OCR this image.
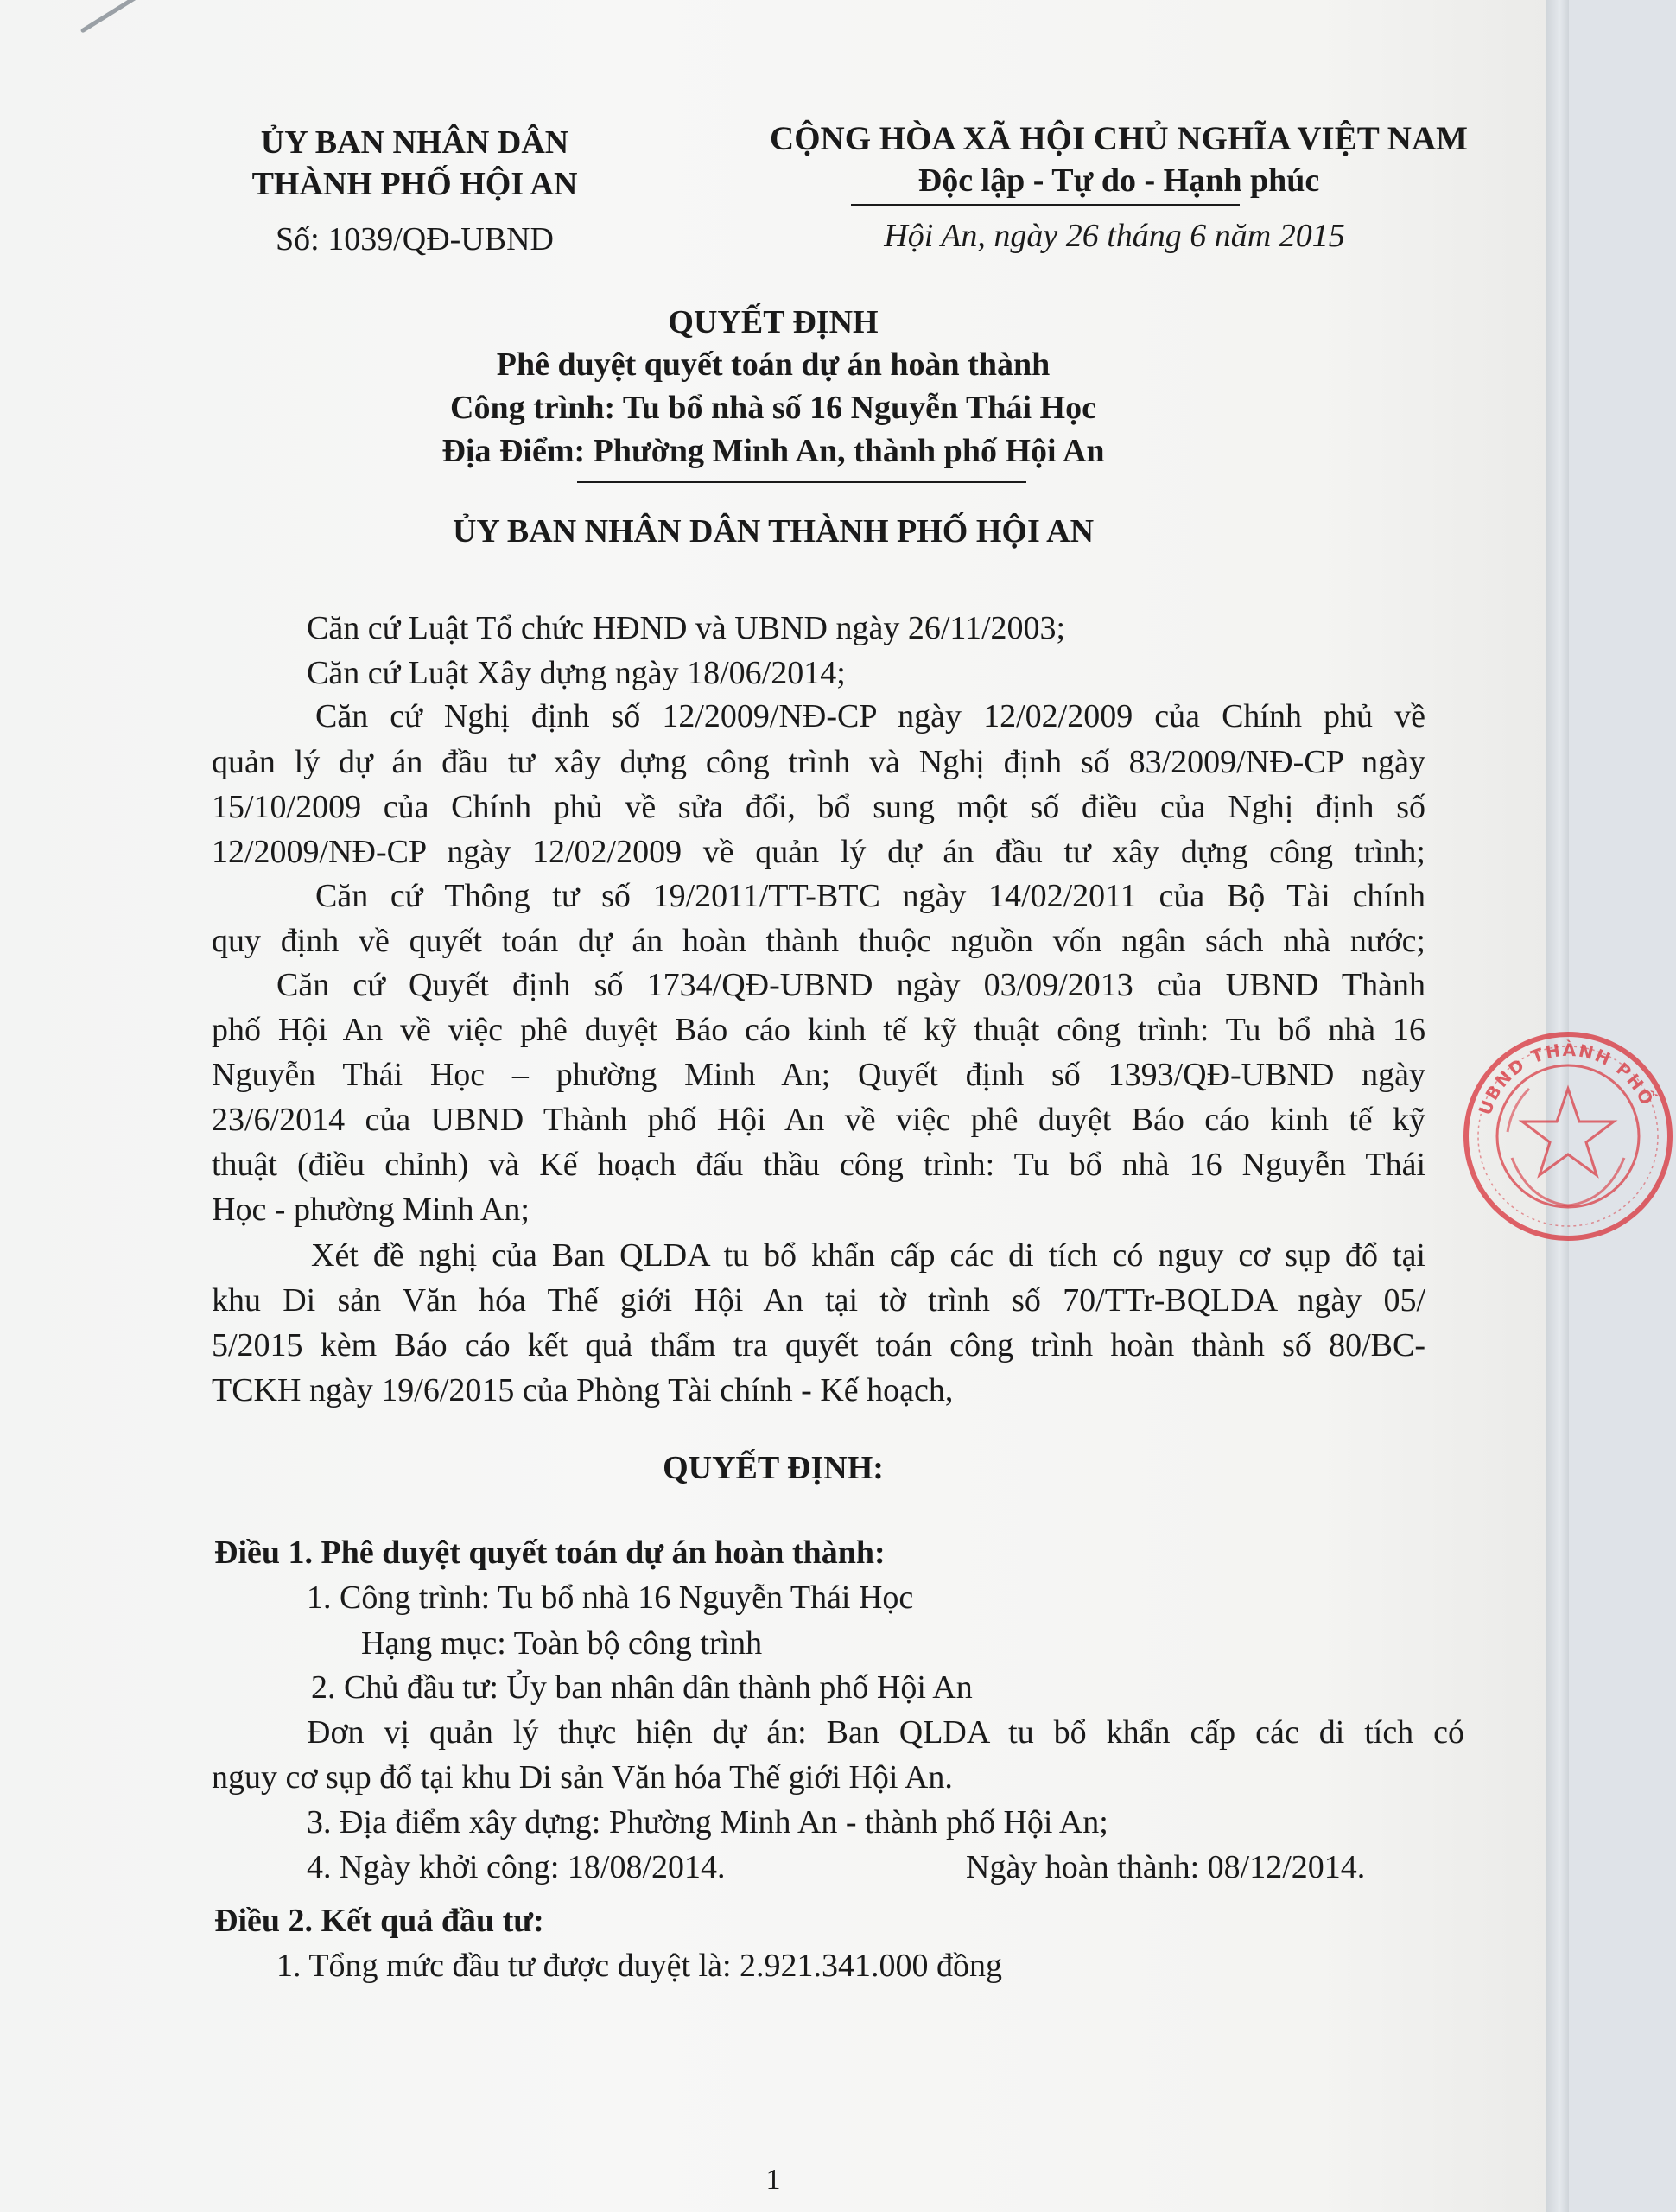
ỦY BAN NHÂN DÂN
THÀNH PHỐ HỘI AN
Số: 1039/QĐ-UBND
CỘNG HÒA XÃ HỘI CHỦ NGHĨA VIỆT NAM
Độc lập - Tự do - Hạnh phúc
Hội An, ngày 26 tháng 6 năm 2015
QUYẾT ĐỊNH
Phê duyệt quyết toán dự án hoàn thành
Công trình: Tu bổ nhà số 16 Nguyễn Thái Học
Địa Điểm: Phường Minh An, thành phố Hội An
ỦY BAN NHÂN DÂN THÀNH PHỐ HỘI AN
Căn cứ Luật Tổ chức HĐND và UBND ngày 26/11/2003;
Căn cứ Luật Xây dựng ngày 18/06/2014;
Căn cứ Nghị định số 12/2009/NĐ-CP ngày 12/02/2009 của Chính phủ về
quản lý dự án đầu tư xây dựng công trình và Nghị định số 83/2009/NĐ-CP ngày
15/10/2009 của Chính phủ về sửa đổi, bổ sung một số điều của Nghị định số
12/2009/NĐ-CP ngày 12/02/2009 về quản lý dự án đầu tư xây dựng công trình;
Căn cứ Thông tư số 19/2011/TT-BTC ngày 14/02/2011 của Bộ Tài chính
quy định về quyết toán dự án hoàn thành thuộc nguồn vốn ngân sách nhà nước;
Căn cứ Quyết định số 1734/QĐ-UBND ngày 03/09/2013 của UBND Thành
phố Hội An về việc phê duyệt Báo cáo kinh tế kỹ thuật công trình: Tu bổ nhà 16
Nguyễn Thái Học – phường Minh An; Quyết định số 1393/QĐ-UBND ngày
23/6/2014 của UBND Thành phố Hội An về việc phê duyệt Báo cáo kinh tế kỹ
thuật (điều chỉnh) và Kế hoạch đấu thầu công trình: Tu bổ nhà 16 Nguyễn Thái
Học - phường Minh An;
Xét đề nghị của Ban QLDA tu bổ khẩn cấp các di tích có nguy cơ sụp đổ tại
khu Di sản Văn hóa Thế giới Hội An tại tờ trình số 70/TTr-BQLDA ngày 05/
5/2015 kèm Báo cáo kết quả thẩm tra quyết toán công trình hoàn thành số 80/BC-
TCKH ngày 19/6/2015 của Phòng Tài chính - Kế hoạch,
QUYẾT ĐỊNH:
Điều 1. Phê duyệt quyết toán dự án hoàn thành:
1. Công trình: Tu bổ nhà 16 Nguyễn Thái Học
Hạng mục: Toàn bộ công trình
2. Chủ đầu tư: Ủy ban nhân dân thành phố Hội An
Đơn vị quản lý thực hiện dự án: Ban QLDA tu bổ khẩn cấp các di tích có
nguy cơ sụp đổ tại khu Di sản Văn hóa Thế giới Hội An.
3. Địa điểm xây dựng: Phường Minh An - thành phố Hội An;
4. Ngày khởi công: 18/08/2014.	Ngày hoàn thành: 08/12/2014.
Điều 2. Kết quả đầu tư:
1. Tổng mức đầu tư được duyệt là: 2.921.341.000 đồng
1
UBND THÀNH PHỐ
